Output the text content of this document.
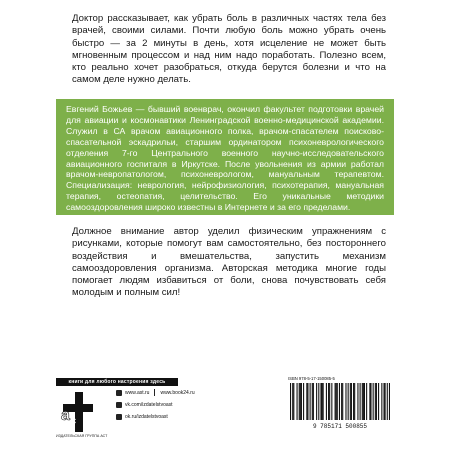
Доктор рассказывает, как убрать боль в различных частях тела без врачей, своими силами. Почти любую боль можно убрать очень быстро — за 2 минуты в день, хотя исцеление не может быть мгновенным процессом и над ним надо поработать. Полезно всем, кто реально хочет разобраться, откуда берутся болезни и что на самом деле нужно делать.

Евгений Божьев — бывший военврач, окончил факультет подготовки врачей для авиации и космонавтики Ленинградской военно-медицинской академии. Служил в СА врачом авиационного полка, врачом-спасателем поисково-спасательной эскадрильи, старшим ординатором психоневрологического отделения 7-го Центрального военного научно-исследовательского авиационного госпиталя в Иркутске. После увольнения из армии работал врачом-невропатологом, психоневрологом, мануальным терапевтом. Специализация: неврология, нейрофизиология, психотерапия, мануальная терапия, остеопатия, целительство. Его уникальные методики самооздоровления широко известны в Интернете и за его пределами.

Должное внимание автор уделил физическим упражнениям с рисунками, которые помогут вам самостоятельно, без постороннего воздействия и вмешательства, запустить механизм самооздоровления организма. Авторская методика многие годы помогает людям избавиться от боли, снова почувствовать себя молодым и полным сил!

книги для любого настроения здесь
a c
ИЗДАТЕЛЬСКАЯ ГРУППА АСТ
www.ast.ru www.book24.ru
vk.com/izdatelstvoast
ok.ru/izdatelstvoast
ISBN 978-5-17-150085-5
9 785171 500855
